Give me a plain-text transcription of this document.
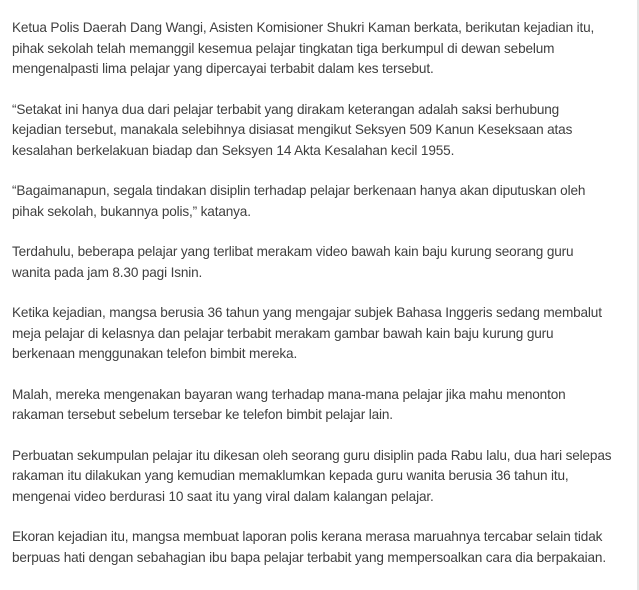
Ketua Polis Daerah Dang Wangi, Asisten Komisioner Shukri Kaman berkata, berikutan kejadian itu, pihak sekolah telah memanggil kesemua pelajar tingkatan tiga berkumpul di dewan sebelum mengenalpasti lima pelajar yang dipercayai terbabit dalam kes tersebut.

“Setakat ini hanya dua dari pelajar terbabit yang dirakam keterangan adalah saksi berhubung kejadian tersebut, manakala selebihnya disiasat mengikut Seksyen 509 Kanun Keseksaan atas kesalahan berkelakuan biadap dan Seksyen 14 Akta Kesalahan kecil 1955.

“Bagaimanapun, segala tindakan disiplin terhadap pelajar berkenaan hanya akan diputuskan oleh pihak sekolah, bukannya polis,” katanya.

Terdahulu, beberapa pelajar yang terlibat merakam video bawah kain baju kurung seorang guru wanita pada jam 8.30 pagi Isnin.

Ketika kejadian, mangsa berusia 36 tahun yang mengajar subjek Bahasa Inggeris sedang membalut meja pelajar di kelasnya dan pelajar terbabit merakam gambar bawah kain baju kurung guru berkenaan menggunakan telefon bimbit mereka.

Malah, mereka mengenakan bayaran wang terhadap mana-mana pelajar jika mahu menonton rakaman tersebut sebelum tersebar ke telefon bimbit pelajar lain.

Perbuatan sekumpulan pelajar itu dikesan oleh seorang guru disiplin pada Rabu lalu, dua hari selepas rakaman itu dilakukan yang kemudian memaklumkan kepada guru wanita berusia 36 tahun itu, mengenai video berdurasi 10 saat itu yang viral dalam kalangan pelajar.

Ekoran kejadian itu, mangsa membuat laporan polis kerana merasa maruahnya tercabar selain tidak berpuas hati dengan sebahagian ibu bapa pelajar terbabit yang mempersoalkan cara dia berpakaian.
